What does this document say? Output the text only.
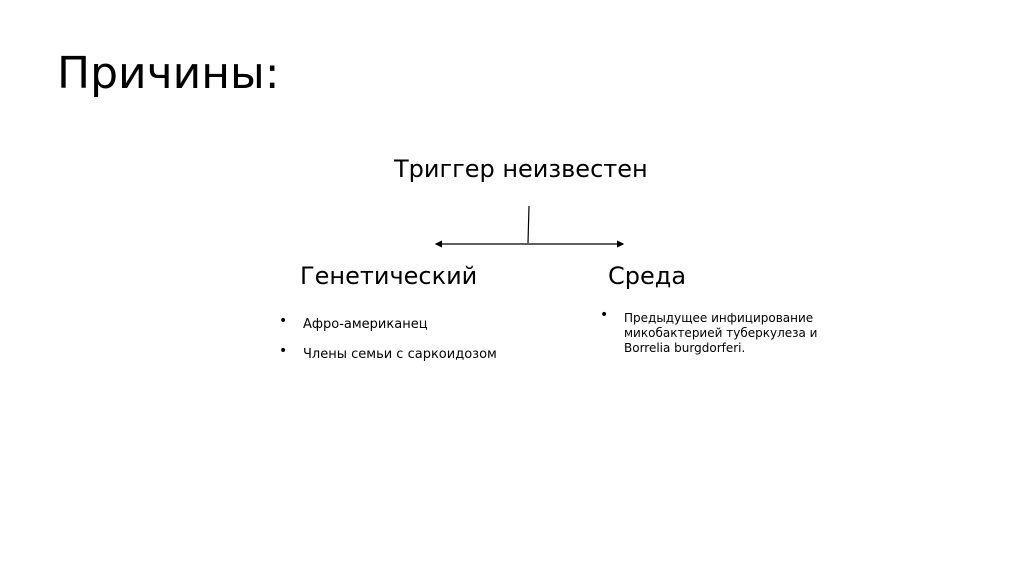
Причины:
Триггер неизвестен
Генетический	Среда
• Афро-американец
• Члены семьи с саркоидозом
• Предыдущее инфицирование микобактерией туберкулеза и Borrelia burgdorferi.
